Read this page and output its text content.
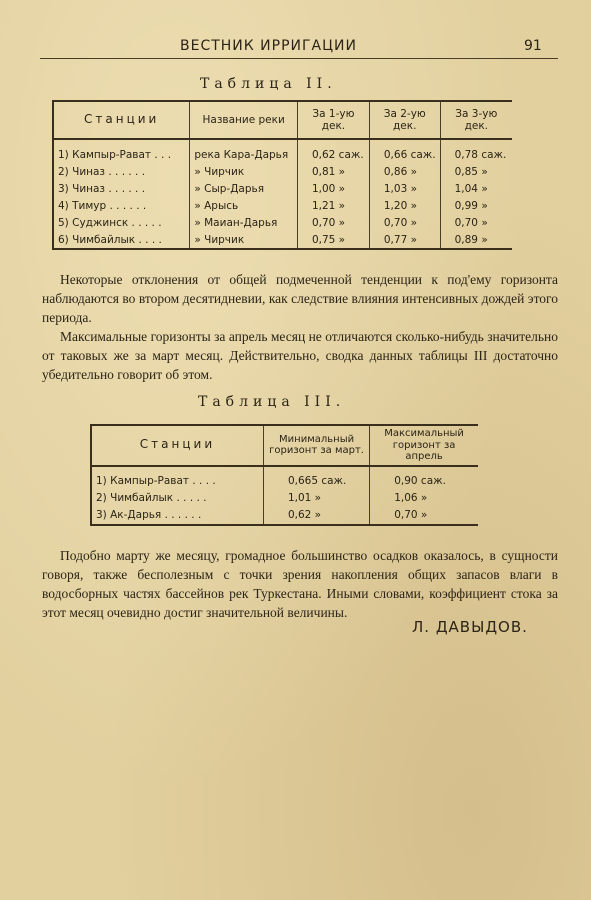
ВЕСТНИК ИРРИГАЦИИ	91
Таблица II.
Станции	Название реки	За 1-ую дек.	За 2-ую дек.	За 3-ую дек.
1) Кампыр-Рават . . .	река Кара-Дарья	0,62 саж.	0,66 саж.	0,78 саж.
2) Чиназ . . . . . .	» Чирчик	0,81 »	0,86 »	0,85 »
3) Чиназ . . . . . .	» Сыр-Дарья	1,00 »	1,03 »	1,04 »
4) Тимур . . . . . .	» Арысь	1,21 »	1,20 »	0,99 »
5) Суджинск . . . . .	» Маиан-Дарья	0,70 »	0,70 »	0,70 »
6) Чимбайлык . . . .	» Чирчик	0,75 »	0,77 »	0,89 »

Некоторые отклонения от общей подмеченной тенденции к под'ему горизонта наблюдаются во втором десятидневии, как следствие влияния интенсивных дождей этого периода.

Максимальные горизонты за апрель месяц не отличаются сколько-нибудь значительно от таковых же за март месяц. Действительно, сводка данных таблицы III достаточно убедительно говорит об этом.

Таблица III.
Станции	Минимальный горизонт за март.	Максимальный горизонт за апрель
1) Кампыр-Рават . . . .	0,665 саж.	0,90 саж.
2) Чимбайлык . . . . .	1,01 »	1,06 »
3) Ак-Дарья . . . . . .	0,62 »	0,70 »

Подобно марту же месяцу, громадное большинство осадков оказалось, в сущности говоря, также бесполезным с точки зрения накопления общих запасов влаги в водосборных частях бассейнов рек Туркестана. Иными словами, коэффициент стока за этот месяц очевидно достиг значительной величины.

Л. ДАВЫДОВ.
